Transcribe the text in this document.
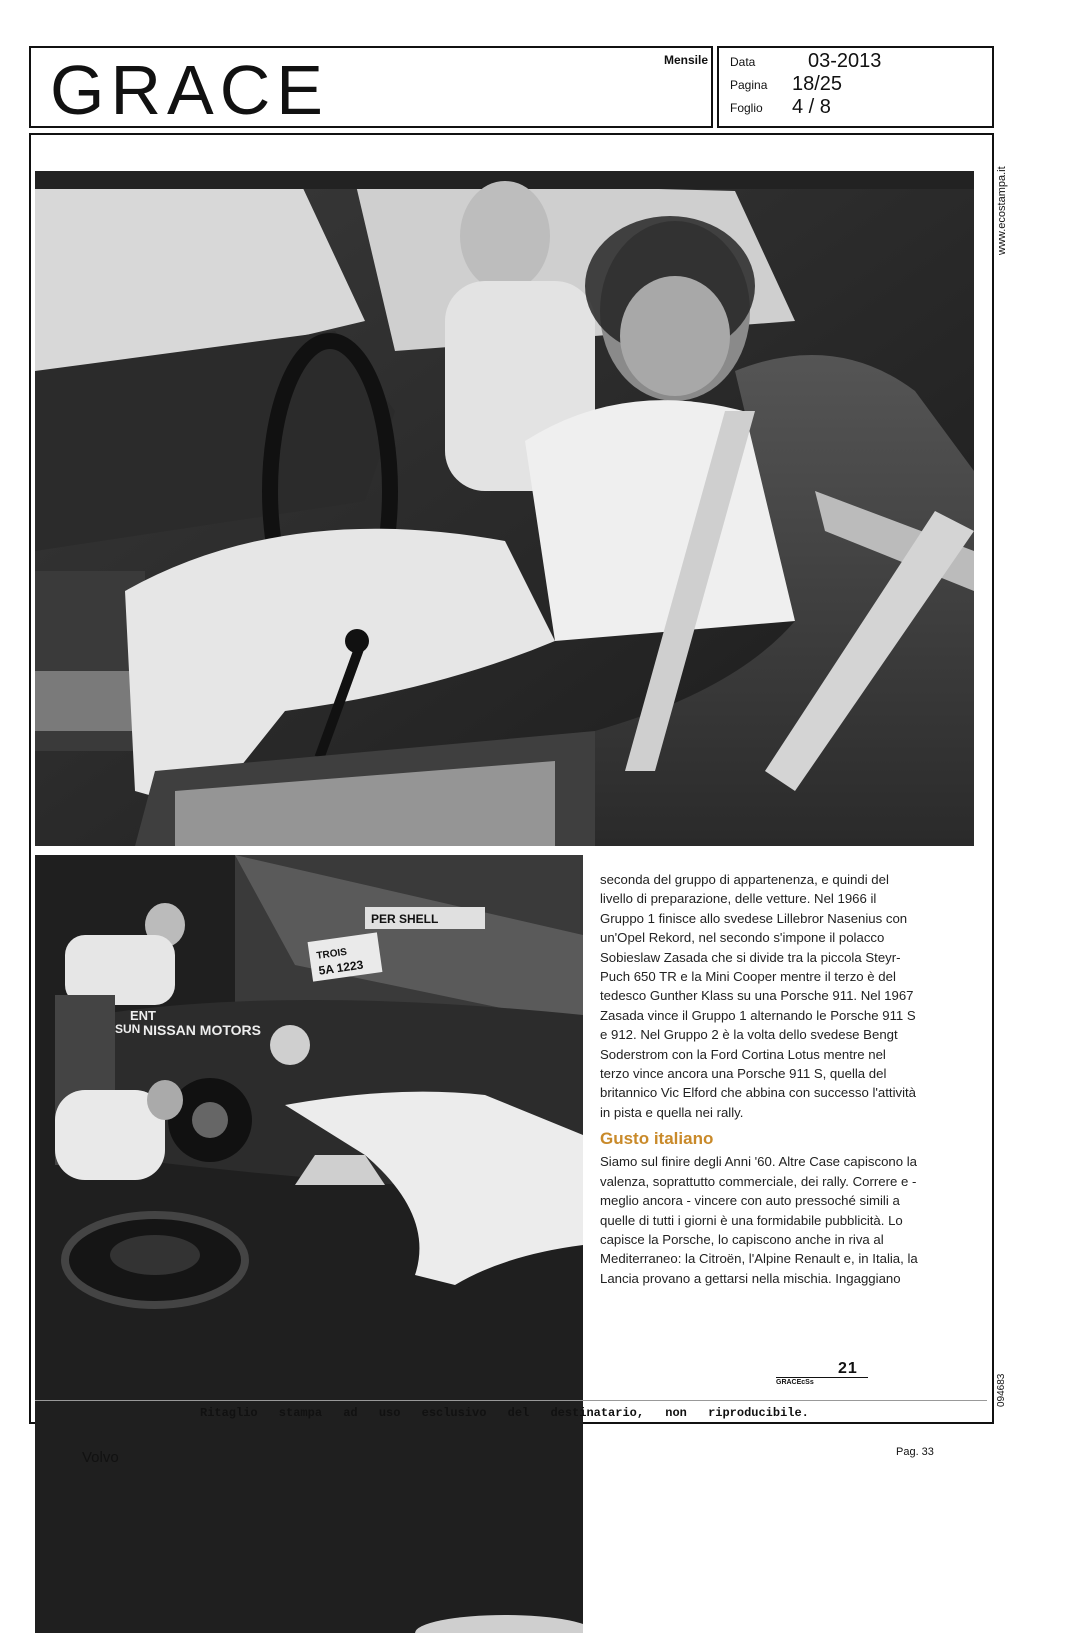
GRACE	Mensile Data	03-2013
Pagina 18/25
Foglio 4 / 8
www.ecostampa.it
094683
PER SHELL
TROIS
5A 1223
SUN
ENT
NISSAN MOTORS

seconda del gruppo di appartenenza, e quindi del livello di preparazione, delle vetture. Nel 1966 il Gruppo 1 finisce allo svedese Lillebror Nasenius con un'Opel Rekord, nel secondo s'impone il polacco Sobieslaw Zasada che si divide tra la piccola Steyr-Puch 650 TR e la Mini Cooper mentre il terzo è del tedesco Gunther Klass su una Porsche 911. Nel 1967 Zasada vince il Gruppo 1 alternando le Porsche 911 S e 912. Nel Gruppo 2 è la volta dello svedese Bengt Soderstrom con la Ford Cortina Lotus mentre nel terzo vince ancora una Porsche 911 S, quella del britannico Vic Elford che abbina con successo l'attività in pista e quella nei rally.

Gusto italiano

Siamo sul finire degli Anni '60. Altre Case capiscono la valenza, soprattutto commerciale, dei rally. Correre e - meglio ancora - vincere con auto pressoché simili a quelle di tutti i giorni è una formidabile pubblicità. Lo capisce la Porsche, lo capiscono anche in riva al Mediterraneo: la Citroën, l'Alpine Renault e, in Italia, la Lancia provano a gettarsi nella mischia. Ingaggiano

21
GRACEcSs
Ritaglio stampa ad uso esclusivo del destinatario, non riproducibile.
Volvo	Pag. 33
